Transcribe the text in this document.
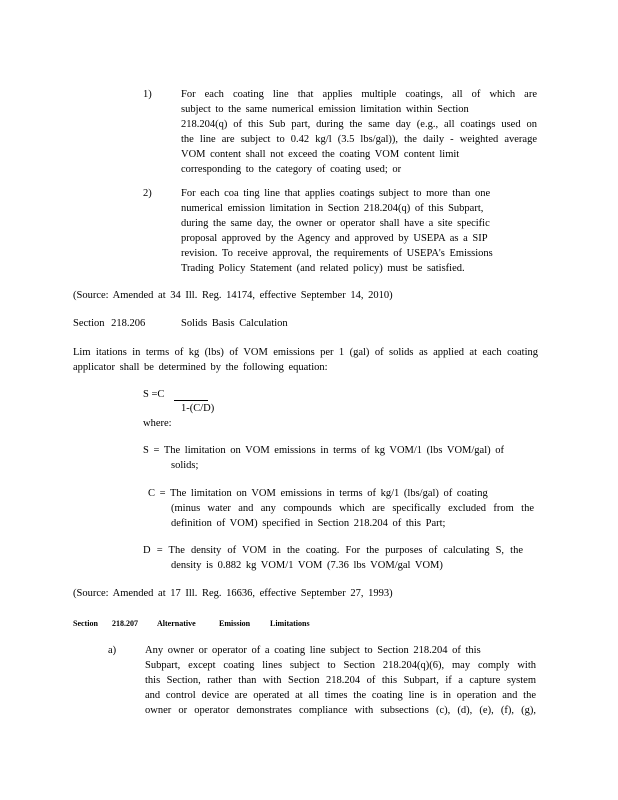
1)	For each coating line that applies multiple coatings, all of which are
subject to the same numerical emission limitation within Section
218.204(q) of this Sub part, during the same day (e.g., all coatings used on
the line are subject to 0.42 kg/l (3.5 lbs/gal)), the daily - weighted average
VOM content shall not exceed the coating VOM content limit
corresponding to the category of coating used; or
2)	For each coa ting line that applies coatings subject to more than one
numerical emission limitation in Section 218.204(q) of this Subpart,
during the same day, the owner or operator shall have a site specific
proposal approved by the Agency and approved by USEPA as a SIP
revision. To receive approval, the requirements of USEPA's Emissions
Trading Policy Statement (and related policy) must be satisfied.
(Source: Amended at 34 Ill. Reg. 14174, effective September 14, 2010)
Section 218.206	Solids Basis Calculation
Lim itations in terms of kg (lbs) of VOM emissions per 1 (gal) of solids as applied at each coating
applicator shall be determined by the following equation:
S =C
1-(C/D)
where:
S = The limitation on VOM emissions in terms of kg VOM/1 (lbs VOM/gal) of
solids;
C = The limitation on VOM emissions in terms of kg/1 (lbs/gal) of coating
(minus water and any compounds which are specifically excluded from the
definition of VOM) specified in Section 218.204 of this Part;
D = The density of VOM in the coating. For the purposes of calculating S, the
density is 0.882 kg VOM/1 VOM (7.36 lbs VOM/gal VOM)
(Source: Amended at 17 Ill. Reg. 16636, effective September 27, 1993)
Section 218.207 Alternative	Emission Limitations
a)	Any owner or operator of a coating line subject to Section 218.204 of this
Subpart, except coating lines subject to Section 218.204(q)(6), may comply with
this Section, rather than with Section 218.204 of this Subpart, if a capture system
and control device are operated at all times the coating line is in operation and the
owner or operator demonstrates compliance with subsections (c), (d), (e), (f), (g),
